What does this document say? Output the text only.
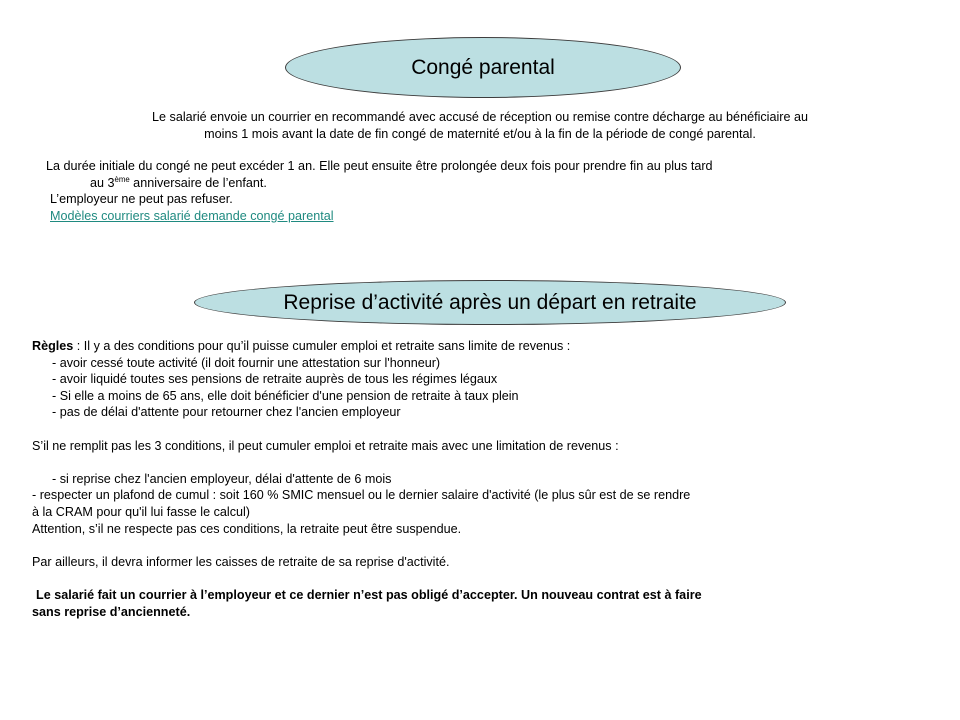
Congé parental

Le salarié envoie un courrier en recommandé avec accusé de réception ou remise contre décharge au bénéficiaire au
moins 1 mois avant la date de fin congé de maternité et/ou à la fin de la période de congé parental.

La durée initiale du congé ne peut excéder 1 an. Elle peut ensuite être prolongée deux fois pour prendre fin au plus tard
au 3ème anniversaire de l’enfant.

L’employeur ne peut pas refuser.

Modèles courriers salarié demande congé parental

Reprise d’activité après un départ en retraite

Règles : Il y a des conditions pour qu’il puisse cumuler emploi et retraite sans limite de revenus :

- avoir cessé toute activité (il doit fournir une attestation sur l'honneur)

- avoir liquidé toutes ses pensions de retraite auprès de tous les régimes légaux

- Si elle a moins de 65 ans, elle doit bénéficier d'une pension de retraite à taux plein

- pas de délai d'attente pour retourner chez l'ancien employeur

S’il ne remplit pas les 3 conditions, il peut cumuler emploi et retraite mais avec une limitation de revenus :

- si reprise chez l'ancien employeur, délai d'attente de 6 mois

- respecter un plafond de cumul : soit 160 % SMIC mensuel ou le dernier salaire d'activité (le plus sûr est de se rendre

à la CRAM pour qu'il lui fasse le calcul)

Attention, s’il ne respecte pas ces conditions, la retraite peut être suspendue.

Par ailleurs, il devra informer les caisses de retraite de sa reprise d'activité.

Le salarié fait un courrier à l’employeur et ce dernier n’est pas obligé d’accepter. Un nouveau contrat est à faire
sans reprise d’ancienneté.
